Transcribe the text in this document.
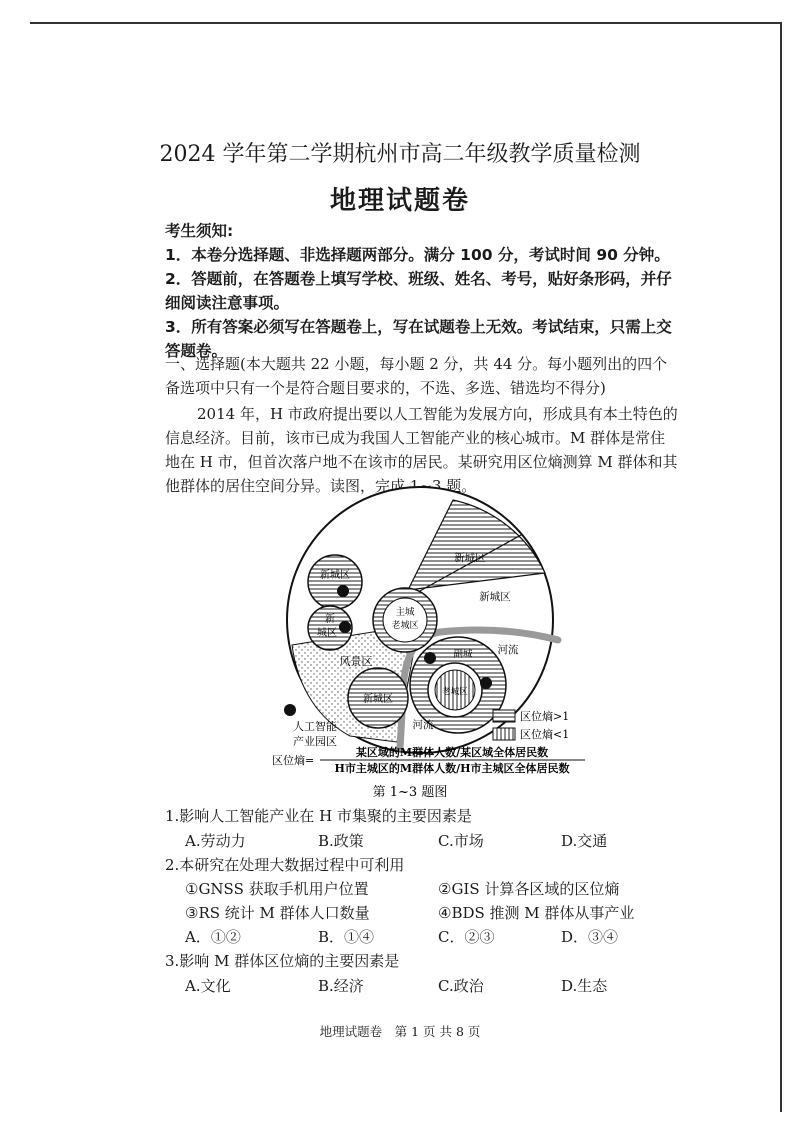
2024 学年第二学期杭州市高二年级教学质量检测
地理试题卷
考生须知:
1．本卷分选择题、非选择题两部分。满分 100 分，考试时间 90 分钟。
2．答题前，在答题卷上填写学校、班级、姓名、考号，贴好条形码，并仔
细阅读注意事项。
3．所有答案必须写在答题卷上，写在试题卷上无效。考试结束，只需上交
答题卷。
一、选择题(本大题共 22 小题，每小题 2 分，共 44 分。每小题列出的四个
备选项中只有一个是符合题目要求的，不选、多选、错选均不得分)
2014 年，H 市政府提出要以人工智能为发展方向，形成具有本土特色的
信息经济。目前，该市已成为我国人工智能产业的核心城市。M 群体是常住
地在 H 市，但首次落户地不在该市的居民。某研究用区位熵测算 M 群体和其
他群体的居住空间分异。读图，完成 1~3 题。
新城区
新
城区
主城
老城区
新城区
新城区
风景区
新城区
副城
老城区
河流
河流
人工智能
产业园区
区位熵>1
区位熵<1
区位熵=
某区域的M群体人数/某区域全体居民数
H市主城区的M群体人数/H市主城区全体居民数
第 1~3 题图
1.影响人工智能产业在 H 市集聚的主要因素是
A.劳动力	B.政策	C.市场	D.交通
2.本研究在处理大数据过程中可利用
①GNSS 获取手机用户位置	②GIS 计算各区域的区位熵
③RS 统计 M 群体人口数量	④BDS 推测 M 群体从事产业
A．①②	B．①④	C．②③	D．③④
3.影响 M 群体区位熵的主要因素是
A.文化	B.经济	C.政治	D.生态
地理试题卷　第 1 页 共 8 页
